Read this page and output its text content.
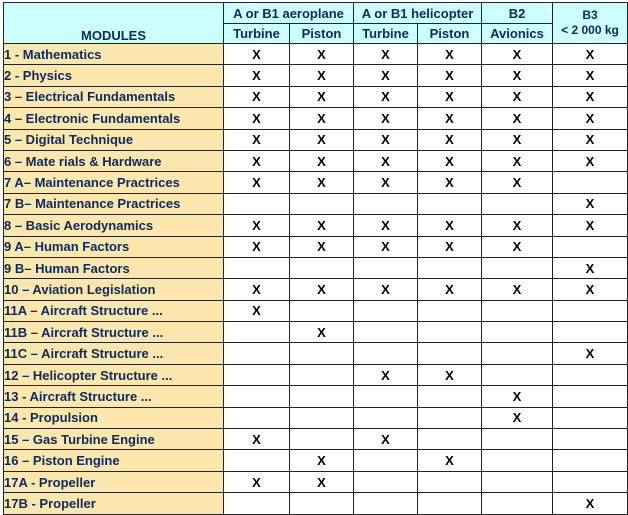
MODULES	A or B1 aeroplane		A or B1 helicopter		B2	B3
< 2 000 kg

	Turbine	Piston	Turbine	Piston	Avionics	
1 - Mathematics	X	X	X	X	X	X
2 - Physics	X	X	X	X	X	X
3 – Electrical Fundamentals	X	X	X	X	X	X
4 – Electronic Fundamentals	X	X	X	X	X	X
5 – Digital Technique	X	X	X	X	X	X
6 – Mate rials & Hardware	X	X	X	X	X	X
7 A– Maintenance Practrices	X	X	X	X	X	
7 B– Maintenance Practrices						X
8 – Basic Aerodynamics	X	X	X	X	X	X
9 A– Human Factors	X	X	X	X	X	
9 B– Human Factors						X
10 – Aviation Legislation	X	X	X	X	X	X
11A – Aircraft Structure ...	X					
11B – Aircraft Structure ...		X				
11C – Aircraft Structure ...						X
12 – Helicopter Structure ...			X	X		
13 - Aircraft Structure ...					X	
14 - Propulsion					X	
15 – Gas Turbine Engine	X		X			
16 – Piston Engine		X		X		
17A - Propeller	X	X				
17B - Propeller						X
